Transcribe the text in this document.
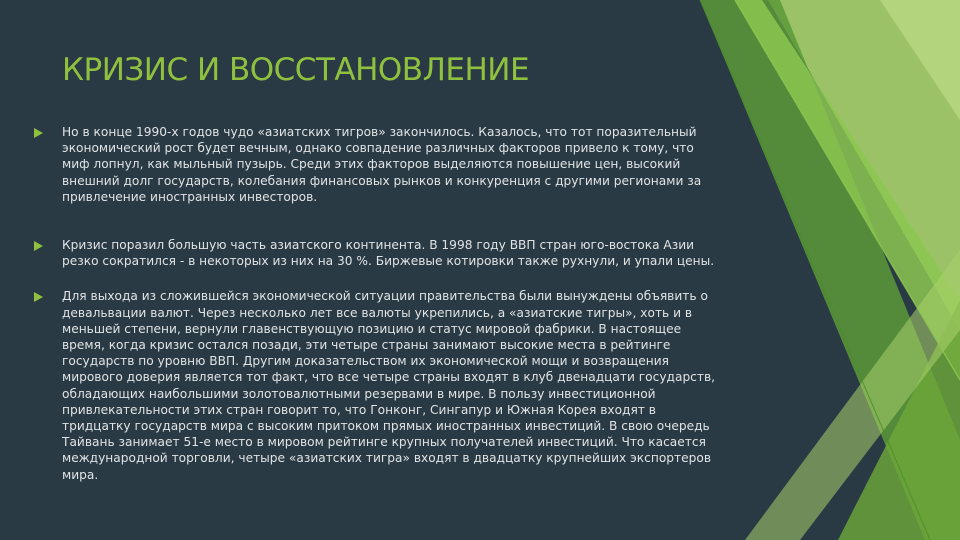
КРИЗИС И ВОССТАНОВЛЕНИЕ
Но в конце 1990-х годов чудо «азиатских тигров» закончилось. Казалось, что тот поразительный экономический рост будет вечным, однако совпадение различных факторов привело к тому, что миф лопнул, как мыльный пузырь. Среди этих факторов выделяются повышение цен, высокий внешний долг государств, колебания финансовых рынков и конкуренция с другими регионами за привлечение иностранных инвесторов.
Кризис поразил большую часть азиатского континента. В 1998 году ВВП стран юго-востока Азии резко сократился - в некоторых из них на 30 %. Биржевые котировки также рухнули, и упали цены.
Для выхода из сложившейся экономической ситуации правительства были вынуждены объявить о девальвации валют. Через несколько лет все валюты укрепились, а «азиатские тигры», хоть и в меньшей степени, вернули главенствующую позицию и статус мировой фабрики. В настоящее время, когда кризис остался позади, эти четыре страны занимают высокие места в рейтинге государств по уровню ВВП. Другим доказательством их экономической мощи и возвращения мирового доверия является тот факт, что все четыре страны входят в клуб двенадцати государств, обладающих наибольшими золотовалютными резервами в мире. В пользу инвестиционной привлекательности этих стран говорит то, что Гонконг, Сингапур и Южная Корея входят в тридцатку государств мира с высоким притоком прямых иностранных инвестиций. В свою очередь Тайвань занимает 51-е место в мировом рейтинге крупных получателей инвестиций. Что касается международной торговли, четыре «азиатских тигра» входят в двадцатку крупнейших экспортеров мира.
